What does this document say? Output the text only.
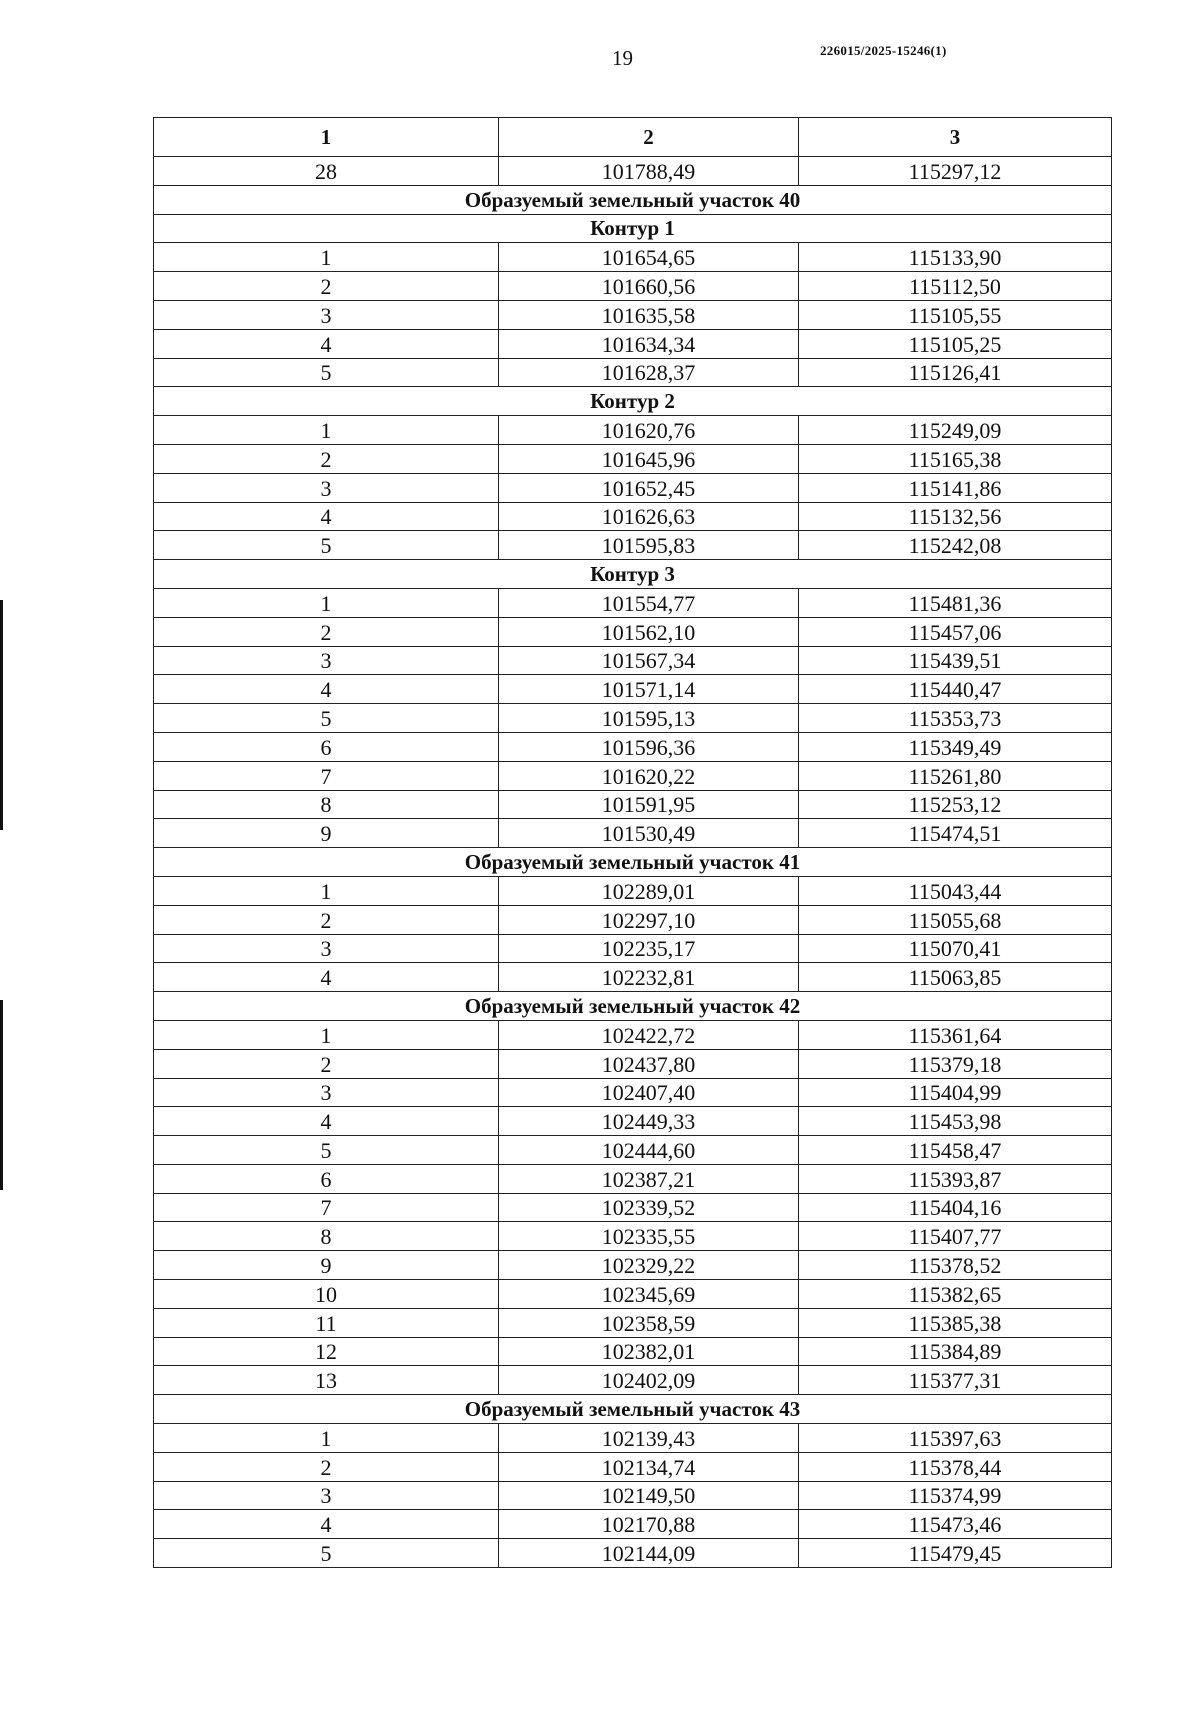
19	226015/2025-15246(1)
1	2	3
28	101788,49	115297,12
Образуемый земельный участок 40		
Контур 1		
1	101654,65	115133,90
2	101660,56	115112,50
3	101635,58	115105,55
4	101634,34	115105,25
5	101628,37	115126,41
Контур 2		
1	101620,76	115249,09
2	101645,96	115165,38
3	101652,45	115141,86
4	101626,63	115132,56
5	101595,83	115242,08
Контур 3		
1	101554,77	115481,36
2	101562,10	115457,06
3	101567,34	115439,51
4	101571,14	115440,47
5	101595,13	115353,73
6	101596,36	115349,49
7	101620,22	115261,80
8	101591,95	115253,12
9	101530,49	115474,51
Образуемый земельный участок 41		
1	102289,01	115043,44
2	102297,10	115055,68
3	102235,17	115070,41
4	102232,81	115063,85
Образуемый земельный участок 42		
1	102422,72	115361,64
2	102437,80	115379,18
3	102407,40	115404,99
4	102449,33	115453,98
5	102444,60	115458,47
6	102387,21	115393,87
7	102339,52	115404,16
8	102335,55	115407,77
9	102329,22	115378,52
10	102345,69	115382,65
11	102358,59	115385,38
12	102382,01	115384,89
13	102402,09	115377,31
Образуемый земельный участок 43		
1	102139,43	115397,63
2	102134,74	115378,44
3	102149,50	115374,99
4	102170,88	115473,46
5	102144,09	115479,45
